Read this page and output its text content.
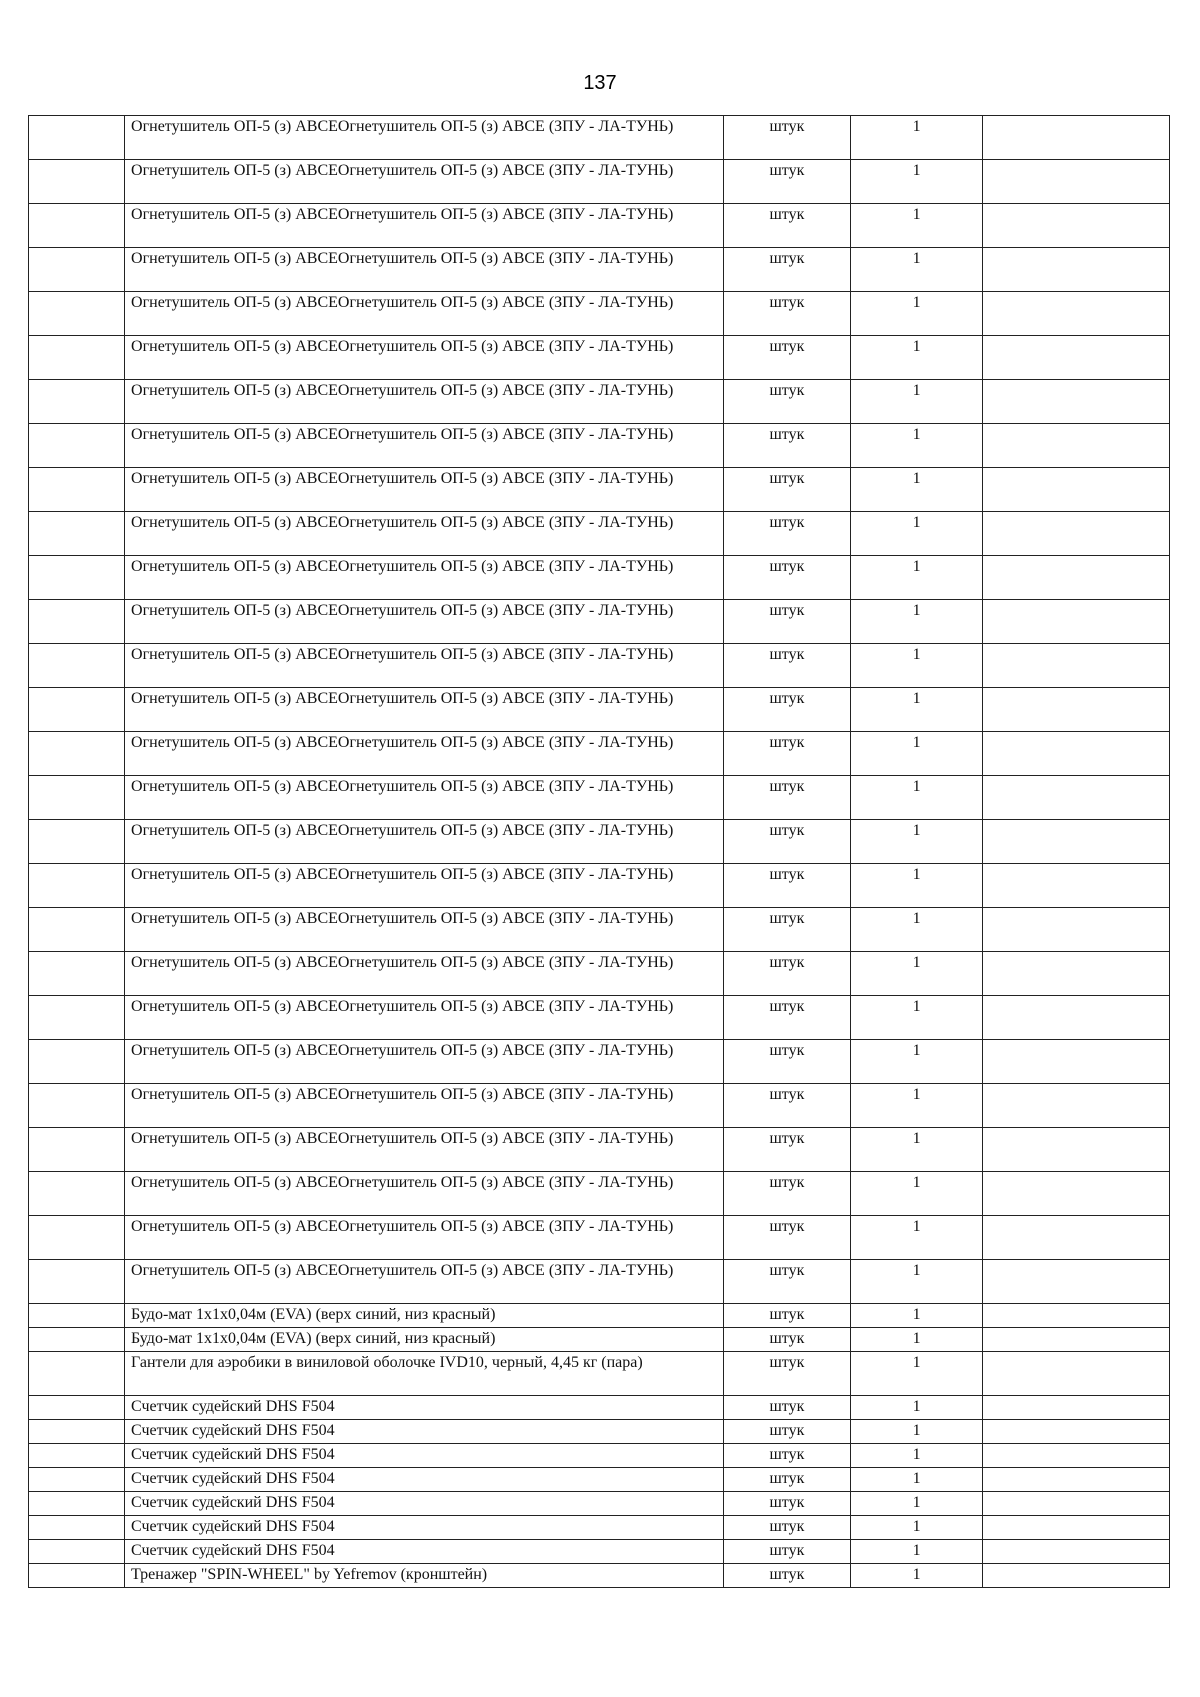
137
	Огнетушитель ОП-5 (з) АВСЕОгнетушитель ОП-5 (з) АВСЕ (ЗПУ - ЛА-ТУНЬ)	штук	1	
	Огнетушитель ОП-5 (з) АВСЕОгнетушитель ОП-5 (з) АВСЕ (ЗПУ - ЛА-ТУНЬ)	штук	1	
	Огнетушитель ОП-5 (з) АВСЕОгнетушитель ОП-5 (з) АВСЕ (ЗПУ - ЛА-ТУНЬ)	штук	1	
	Огнетушитель ОП-5 (з) АВСЕОгнетушитель ОП-5 (з) АВСЕ (ЗПУ - ЛА-ТУНЬ)	штук	1	
	Огнетушитель ОП-5 (з) АВСЕОгнетушитель ОП-5 (з) АВСЕ (ЗПУ - ЛА-ТУНЬ)	штук	1	
	Огнетушитель ОП-5 (з) АВСЕОгнетушитель ОП-5 (з) АВСЕ (ЗПУ - ЛА-ТУНЬ)	штук	1	
	Огнетушитель ОП-5 (з) АВСЕОгнетушитель ОП-5 (з) АВСЕ (ЗПУ - ЛА-ТУНЬ)	штук	1	
	Огнетушитель ОП-5 (з) АВСЕОгнетушитель ОП-5 (з) АВСЕ (ЗПУ - ЛА-ТУНЬ)	штук	1	
	Огнетушитель ОП-5 (з) АВСЕОгнетушитель ОП-5 (з) АВСЕ (ЗПУ - ЛА-ТУНЬ)	штук	1	
	Огнетушитель ОП-5 (з) АВСЕОгнетушитель ОП-5 (з) АВСЕ (ЗПУ - ЛА-ТУНЬ)	штук	1	
	Огнетушитель ОП-5 (з) АВСЕОгнетушитель ОП-5 (з) АВСЕ (ЗПУ - ЛА-ТУНЬ)	штук	1	
	Огнетушитель ОП-5 (з) АВСЕОгнетушитель ОП-5 (з) АВСЕ (ЗПУ - ЛА-ТУНЬ)	штук	1	
	Огнетушитель ОП-5 (з) АВСЕОгнетушитель ОП-5 (з) АВСЕ (ЗПУ - ЛА-ТУНЬ)	штук	1	
	Огнетушитель ОП-5 (з) АВСЕОгнетушитель ОП-5 (з) АВСЕ (ЗПУ - ЛА-ТУНЬ)	штук	1	
	Огнетушитель ОП-5 (з) АВСЕОгнетушитель ОП-5 (з) АВСЕ (ЗПУ - ЛА-ТУНЬ)	штук	1	
	Огнетушитель ОП-5 (з) АВСЕОгнетушитель ОП-5 (з) АВСЕ (ЗПУ - ЛА-ТУНЬ)	штук	1	
	Огнетушитель ОП-5 (з) АВСЕОгнетушитель ОП-5 (з) АВСЕ (ЗПУ - ЛА-ТУНЬ)	штук	1	
	Огнетушитель ОП-5 (з) АВСЕОгнетушитель ОП-5 (з) АВСЕ (ЗПУ - ЛА-ТУНЬ)	штук	1	
	Огнетушитель ОП-5 (з) АВСЕОгнетушитель ОП-5 (з) АВСЕ (ЗПУ - ЛА-ТУНЬ)	штук	1	
	Огнетушитель ОП-5 (з) АВСЕОгнетушитель ОП-5 (з) АВСЕ (ЗПУ - ЛА-ТУНЬ)	штук	1	
	Огнетушитель ОП-5 (з) АВСЕОгнетушитель ОП-5 (з) АВСЕ (ЗПУ - ЛА-ТУНЬ)	штук	1	
	Огнетушитель ОП-5 (з) АВСЕОгнетушитель ОП-5 (з) АВСЕ (ЗПУ - ЛА-ТУНЬ)	штук	1	
	Огнетушитель ОП-5 (з) АВСЕОгнетушитель ОП-5 (з) АВСЕ (ЗПУ - ЛА-ТУНЬ)	штук	1	
	Огнетушитель ОП-5 (з) АВСЕОгнетушитель ОП-5 (з) АВСЕ (ЗПУ - ЛА-ТУНЬ)	штук	1	
	Огнетушитель ОП-5 (з) АВСЕОгнетушитель ОП-5 (з) АВСЕ (ЗПУ - ЛА-ТУНЬ)	штук	1	
	Огнетушитель ОП-5 (з) АВСЕОгнетушитель ОП-5 (з) АВСЕ (ЗПУ - ЛА-ТУНЬ)	штук	1	
	Огнетушитель ОП-5 (з) АВСЕОгнетушитель ОП-5 (з) АВСЕ (ЗПУ - ЛА-ТУНЬ)	штук	1	
	Будо-мат 1x1x0,04м (EVA) (верх синий, низ красный)	штук	1	
	Будо-мат 1x1x0,04м (EVA) (верх синий, низ красный)	штук	1	
	Гантели для аэробики в виниловой оболочке IVD10, черный, 4,45 кг (пара)	штук	1	
	Счетчик судейский DHS F504	штук	1	
	Счетчик судейский DHS F504	штук	1	
	Счетчик судейский DHS F504	штук	1	
	Счетчик судейский DHS F504	штук	1	
	Счетчик судейский DHS F504	штук	1	
	Счетчик судейский DHS F504	штук	1	
	Счетчик судейский DHS F504	штук	1	
	Тренажер "SPIN-WHEEL" by Yefremov (кронштейн)	штук	1	
